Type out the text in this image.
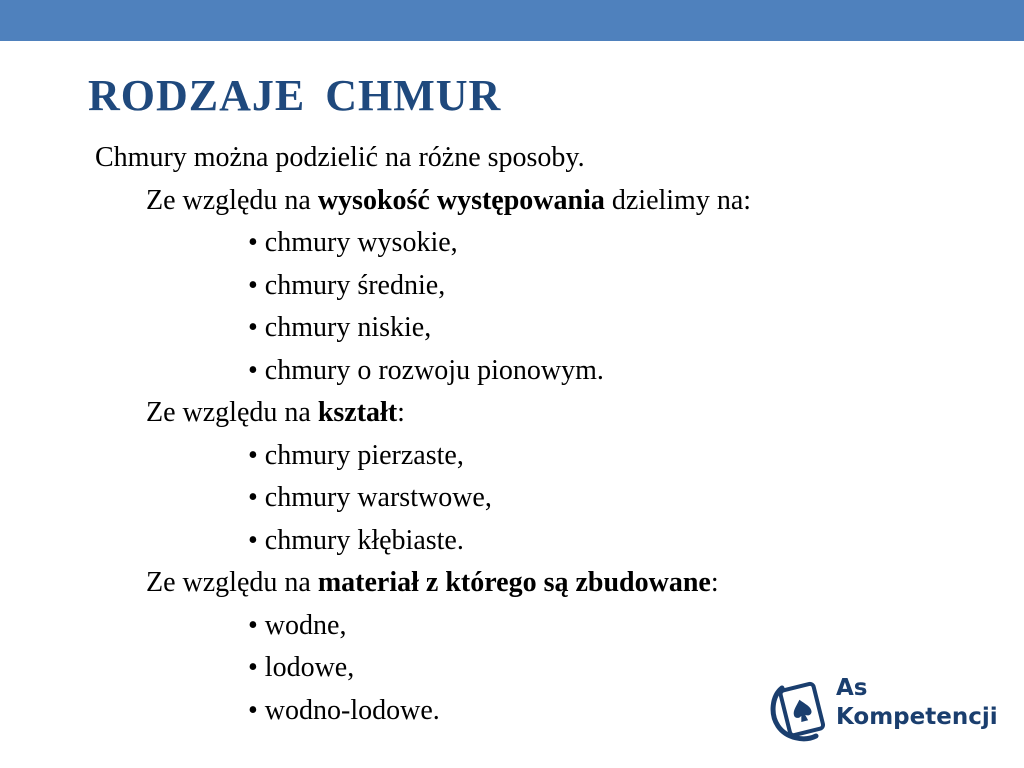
RODZAJE CHMUR
Chmury można podzielić na różne sposoby.
Ze względu na wysokość występowania dzielimy na:
• chmury wysokie,
• chmury średnie,
• chmury niskie,
• chmury o rozwoju pionowym.
Ze względu na kształt:
• chmury pierzaste,
• chmury warstwowe,
• chmury kłębiaste.
Ze względu na materiał z którego są zbudowane:
• wodne,
• lodowe,
• wodno-lodowe.
As
Kompetencji
